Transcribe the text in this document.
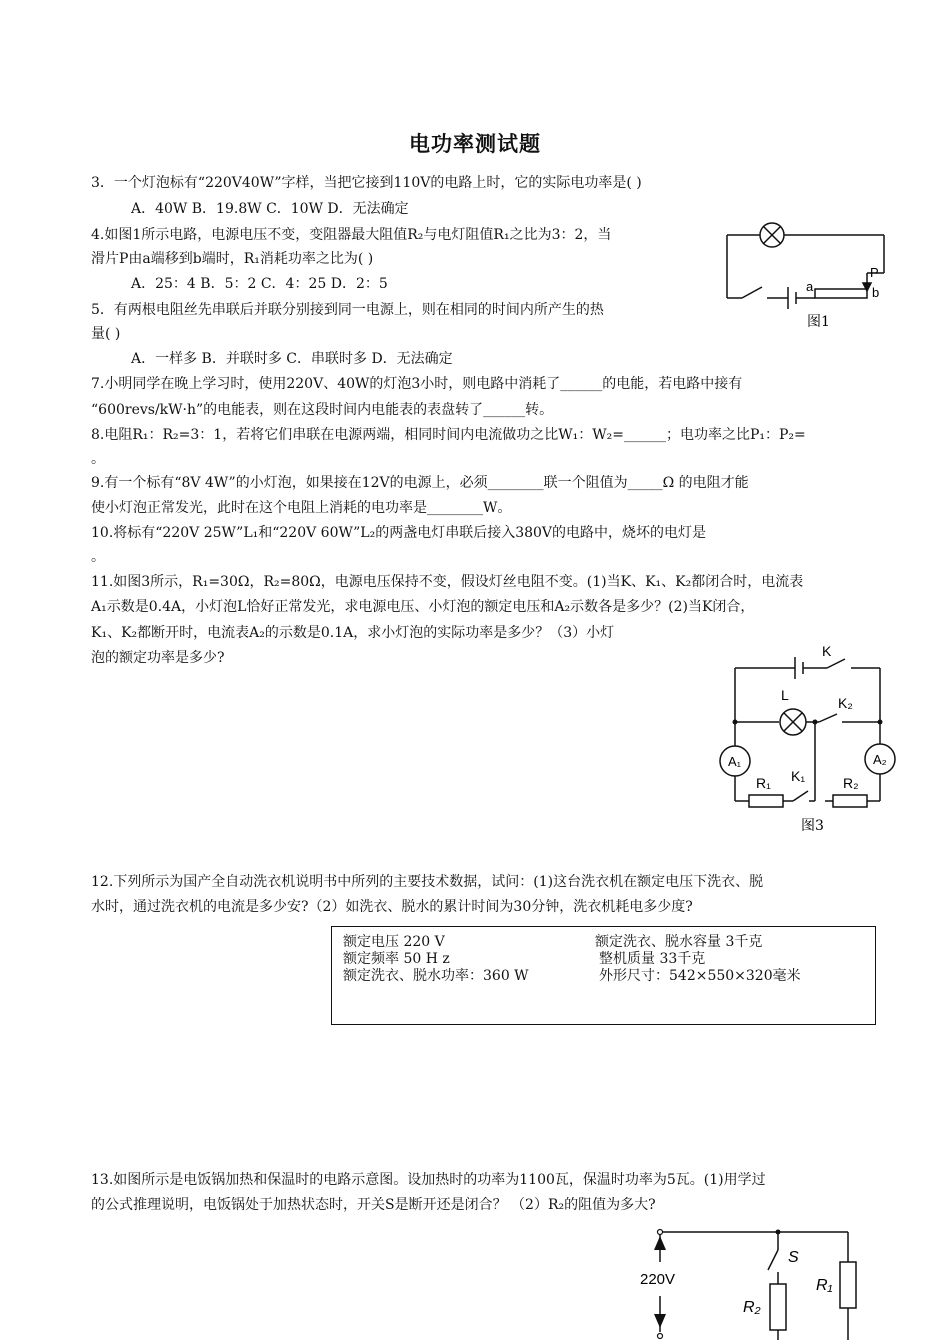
电功率测试题
3．一个灯泡标有“220V40W”字样，当把它接到110V的电路上时，它的实际电功率是( )
A．40W B．19.8W C．10W D．无法确定
4.如图1所示电路，电源电压不变，变阻器最大阻值R₂与电灯阻值R₁之比为3：2，当
滑片P由a端移到b端时，R₁消耗功率之比为( )
A．25：4 B．5：2 C．4：25 D．2：5	a
P
b
图1
5．有两根电阻丝先串联后并联分别接到同一电源上，则在相同的时间内所产生的热
量( )
A．一样多 B．并联时多 C．串联时多 D．无法确定
7.小明同学在晚上学习时，使用220V、40W的灯泡3小时，则电路中消耗了______的电能，若电路中接有
“600revs/kW·h”的电能表，则在这段时间内电能表的表盘转了______转。
8.电阻R₁：R₂=3：1，若将它们串联在电源两端，相同时间内电流做功之比W₁：W₂=______；电功率之比P₁：P₂=
。
9.有一个标有“8V 4W”的小灯泡，如果接在12V的电源上，必须________联一个阻值为_____Ω 的电阻才能
使小灯泡正常发光，此时在这个电阻上消耗的电功率是________W。
10.将标有“220V 25W”L₁和“220V 60W”L₂的两盏电灯串联后接入380V的电路中，烧坏的电灯是
。
11.如图3所示，R₁=30Ω，R₂=80Ω，电源电压保持不变，假设灯丝电阻不变。(1)当K、K₁、K₂都闭合时，电流表
A₁示数是0.4A，小灯泡L恰好正常发光，求电源电压、小灯泡的额定电压和A₂示数各是多少？(2)当K闭合，
K₁、K₂都断开时，电流表A₂的示数是0.1A，求小灯泡的实际功率是多少？（3）小灯
泡的额定功率是多少?	K
L	K₂
A₁	A₂
R₁ K₁	R₂
图3
12.下列所示为国产全自动洗衣机说明书中所列的主要技术数据，试问：(1)这台洗衣机在额定电压下洗衣、脱
水时，通过洗衣机的电流是多少安?（2）如洗衣、脱水的累计时间为30分钟，洗衣机耗电多少度?
额定电压 220 V	额定洗衣、脱水容量 3千克
额定频率 50 H z	整机质量 33千克
额定洗衣、脱水功率：360 W	外形尺寸：542×550×320毫米
13.如图所示是电饭锅加热和保温时的电路示意图。设加热时的功率为1100瓦，保温时功率为5瓦。(1)用学过
的公式推理说明，电饭锅处于加热状态时，开关S是断开还是闭合？ （2）R₂的阻值为多大?
220V
S
R₂
R₁
